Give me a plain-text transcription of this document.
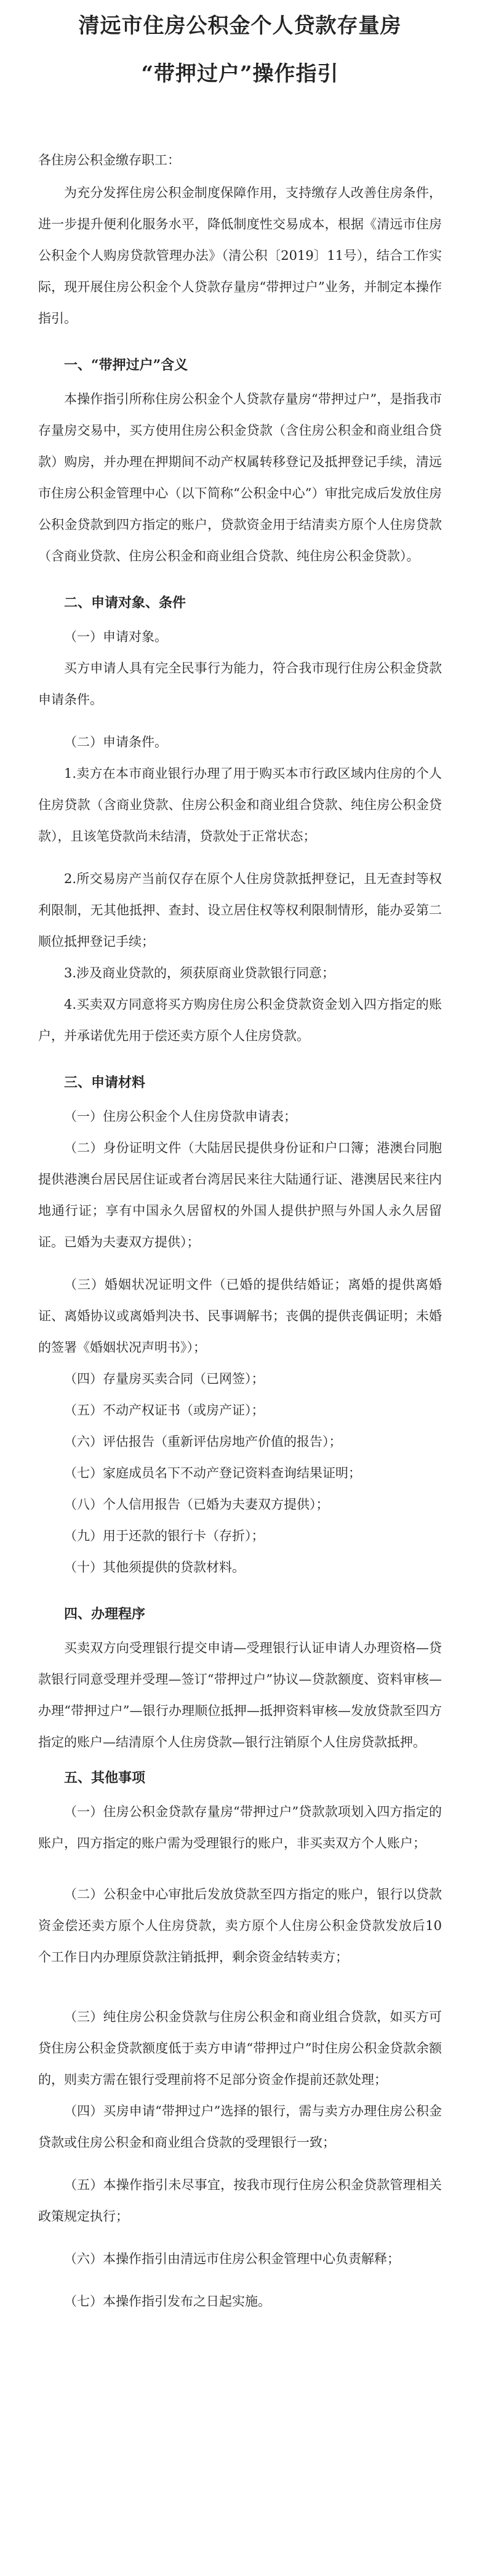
清远市住房公积金个人贷款存量房
“带押过户”操作指引

各住房公积金缴存职工：

为充分发挥住房公积金制度保障作用，支持缴存人改善住房条件，进一步提升便利化服务水平，降低制度性交易成本，根据《清远市住房公积金个人购房贷款管理办法》（清公积〔2019〕11号），结合工作实际，现开展住房公积金个人贷款存量房“带押过户”业务，并制定本操作指引。

一、“带押过户”含义

本操作指引所称住房公积金个人贷款存量房“带押过户”，是指我市存量房交易中，买方使用住房公积金贷款（含住房公积金和商业组合贷款）购房，并办理在押期间不动产权属转移登记及抵押登记手续，清远市住房公积金管理中心（以下简称“公积金中心”）审批完成后发放住房公积金贷款到四方指定的账户，贷款资金用于结清卖方原个人住房贷款（含商业贷款、住房公积金和商业组合贷款、纯住房公积金贷款）。

二、申请对象、条件

（一）申请对象。

买方申请人具有完全民事行为能力，符合我市现行住房公积金贷款申请条件。

（二）申请条件。

1.卖方在本市商业银行办理了用于购买本市行政区域内住房的个人住房贷款（含商业贷款、住房公积金和商业组合贷款、纯住房公积金贷款），且该笔贷款尚未结清，贷款处于正常状态；

2.所交易房产当前仅存在原个人住房贷款抵押登记，且无查封等权利限制，无其他抵押、查封、设立居住权等权利限制情形，能办妥第二顺位抵押登记手续；

3.涉及商业贷款的，须获原商业贷款银行同意；

4.买卖双方同意将买方购房住房公积金贷款资金划入四方指定的账户，并承诺优先用于偿还卖方原个人住房贷款。

三、申请材料

（一）住房公积金个人住房贷款申请表；

（二）身份证明文件（大陆居民提供身份证和户口簿；港澳台同胞提供港澳台居民居住证或者台湾居民来往大陆通行证、港澳居民来往内地通行证；享有中国永久居留权的外国人提供护照与外国人永久居留证。已婚为夫妻双方提供）；

（三）婚姻状况证明文件（已婚的提供结婚证；离婚的提供离婚证、离婚协议或离婚判决书、民事调解书；丧偶的提供丧偶证明；未婚的签署《婚姻状况声明书》）；

（四）存量房买卖合同（已网签）；

（五）不动产权证书（或房产证）；

（六）评估报告（重新评估房地产价值的报告）；

（七）家庭成员名下不动产登记资料查询结果证明；

（八）个人信用报告（已婚为夫妻双方提供）；

（九）用于还款的银行卡（存折）；

（十）其他须提供的贷款材料。

四、办理程序

买卖双方向受理银行提交申请—受理银行认证申请人办理资格—贷款银行同意受理并受理—签订“带押过户”协议—贷款额度、资料审核—办理“带押过户”—银行办理顺位抵押—抵押资料审核—发放贷款至四方指定的账户—结清原个人住房贷款—银行注销原个人住房贷款抵押。

五、其他事项

（一）住房公积金贷款存量房“带押过户”贷款款项划入四方指定的账户，四方指定的账户需为受理银行的账户，非买卖双方个人账户；

（二）公积金中心审批后发放贷款至四方指定的账户，银行以贷款资金偿还卖方原个人住房贷款，卖方原个人住房公积金贷款发放后10个工作日内办理原贷款注销抵押，剩余资金结转卖方；

（三）纯住房公积金贷款与住房公积金和商业组合贷款，如买方可贷住房公积金贷款额度低于卖方申请“带押过户”时住房公积金贷款余额的，则卖方需在银行受理前将不足部分资金作提前还款处理；

（四）买房申请“带押过户”选择的银行，需与卖方办理住房公积金贷款或住房公积金和商业组合贷款的受理银行一致；

（五）本操作指引未尽事宜，按我市现行住房公积金贷款管理相关政策规定执行；

（六）本操作指引由清远市住房公积金管理中心负责解释；

（七）本操作指引发布之日起实施。
